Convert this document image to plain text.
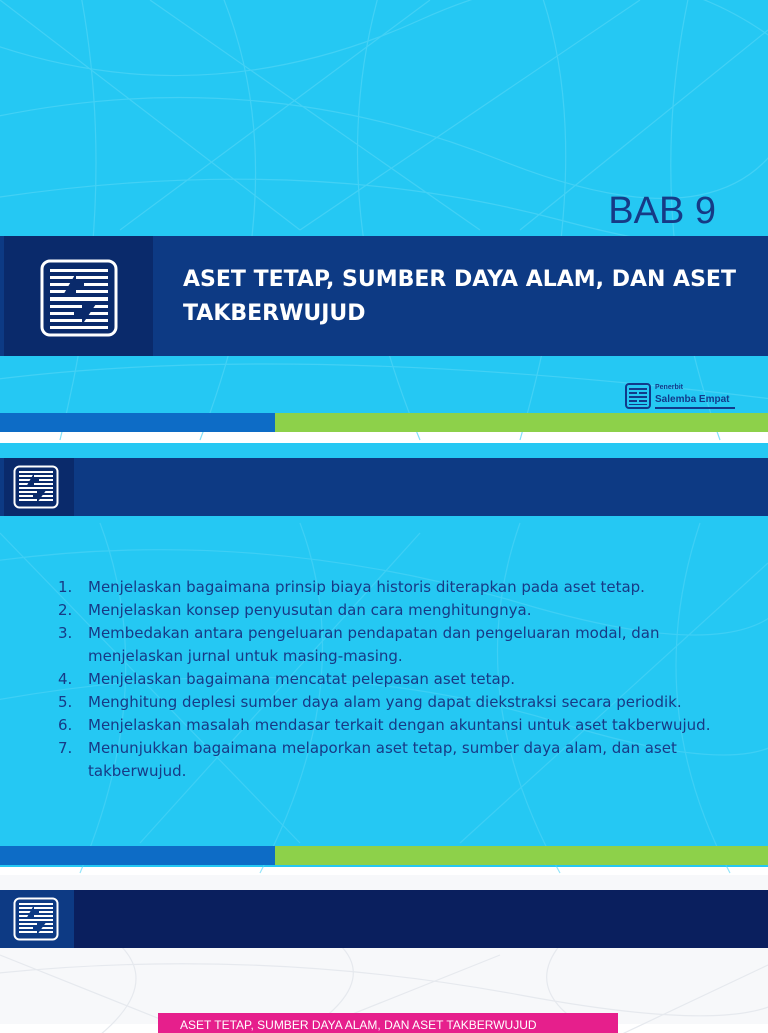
BAB 9
ASET TETAP, SUMBER DAYA ALAM, DAN ASET TAKBERWUJUD
Penerbit
Salemba Empat
1.	Menjelaskan bagaimana prinsip biaya historis diterapkan pada aset tetap.
2.	Menjelaskan konsep penyusutan dan cara menghitungnya.
3.	Membedakan antara pengeluaran pendapatan dan pengeluaran modal, dan menjelaskan jurnal untuk masing-masing.
4.	Menjelaskan bagaimana mencatat pelepasan aset tetap.
5.	Menghitung deplesi sumber daya alam yang dapat diekstraksi secara periodik.
6.	Menjelaskan masalah mendasar terkait dengan akuntansi untuk aset takberwujud.
7.	Menunjukkan bagaimana melaporkan aset tetap, sumber daya alam, dan aset takberwujud.
ASET TETAP, SUMBER DAYA ALAM, DAN ASET TAKBERWUJUD
